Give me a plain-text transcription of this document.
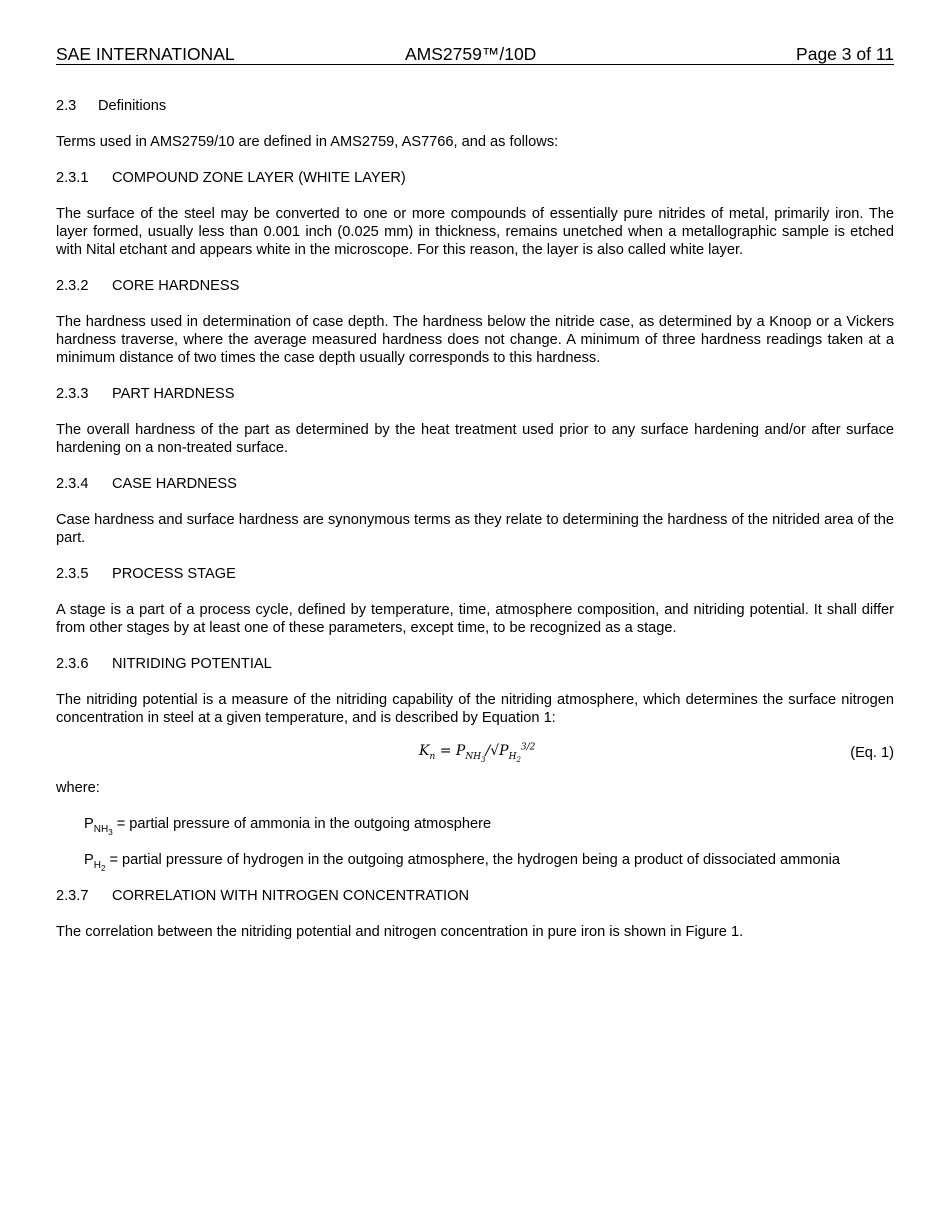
SAE INTERNATIONAL	AMS2759™/10D	Page 3 of 11
2.3	Definitions

Terms used in AMS2759/10 are defined in AMS2759, AS7766, and as follows:

2.3.1	COMPOUND ZONE LAYER (WHITE LAYER)

The surface of the steel may be converted to one or more compounds of essentially pure nitrides of metal, primarily iron. The layer formed, usually less than 0.001 inch (0.025 mm) in thickness, remains unetched when a metallographic sample is etched with Nital etchant and appears white in the microscope. For this reason, the layer is also called white layer.

2.3.2	CORE HARDNESS

The hardness used in determination of case depth. The hardness below the nitride case, as determined by a Knoop or a Vickers hardness traverse, where the average measured hardness does not change. A minimum of three hardness readings taken at a minimum distance of two times the case depth usually corresponds to this hardness.

2.3.3	PART HARDNESS

The overall hardness of the part as determined by the heat treatment used prior to any surface hardening and/or after surface hardening on a non-treated surface.

2.3.4	CASE HARDNESS

Case hardness and surface hardness are synonymous terms as they relate to determining the hardness of the nitrided area of the part.

2.3.5	PROCESS STAGE

A stage is a part of a process cycle, defined by temperature, time, atmosphere composition, and nitriding potential. It shall differ from other stages by at least one of these parameters, except time, to be recognized as a stage.

2.3.6	NITRIDING POTENTIAL

The nitriding potential is a measure of the nitriding capability of the nitriding atmosphere, which determines the surface nitrogen concentration in steel at a given temperature, and is described by Equation 1:

$K_n = P_{NH_3}/√P_{H_2}^{3/2}$	(Eq. 1)

where:

$P_{NH_3}$ = partial pressure of ammonia in the outgoing atmosphere
$P_{H_2}$ = partial pressure of hydrogen in the outgoing atmosphere, the hydrogen being a product of dissociated ammonia
2.3.7	CORRELATION WITH NITROGEN CONCENTRATION

The correlation between the nitriding potential and nitrogen concentration in pure iron is shown in Figure 1.
